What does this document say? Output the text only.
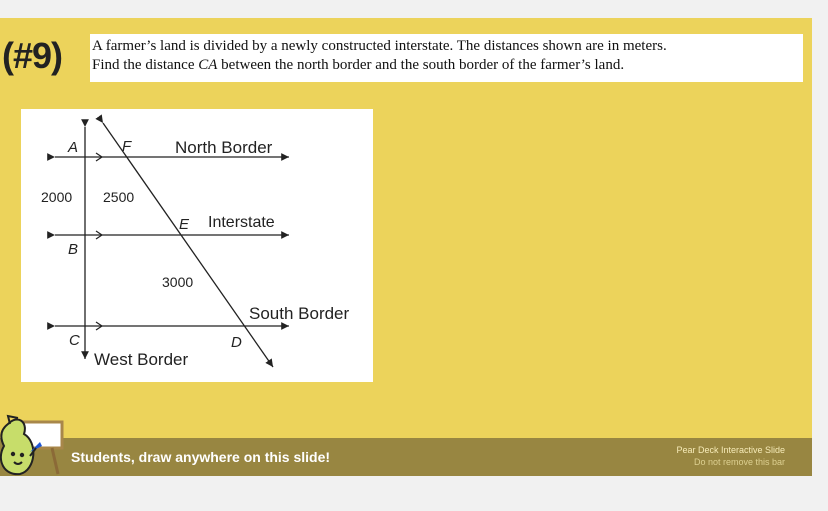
(#9) A farmer’s land is divided by a newly constructed interstate. The distances shown are in meters.
Find the distance CA between the north border and the south border of the farmer’s land.
A	F	North Border
2000 2500
E Interstate
B
3000
South Border
C	D
West Border
Students, draw anywhere on this slide!	Pear Deck Interactive Slide
Do not remove this bar
